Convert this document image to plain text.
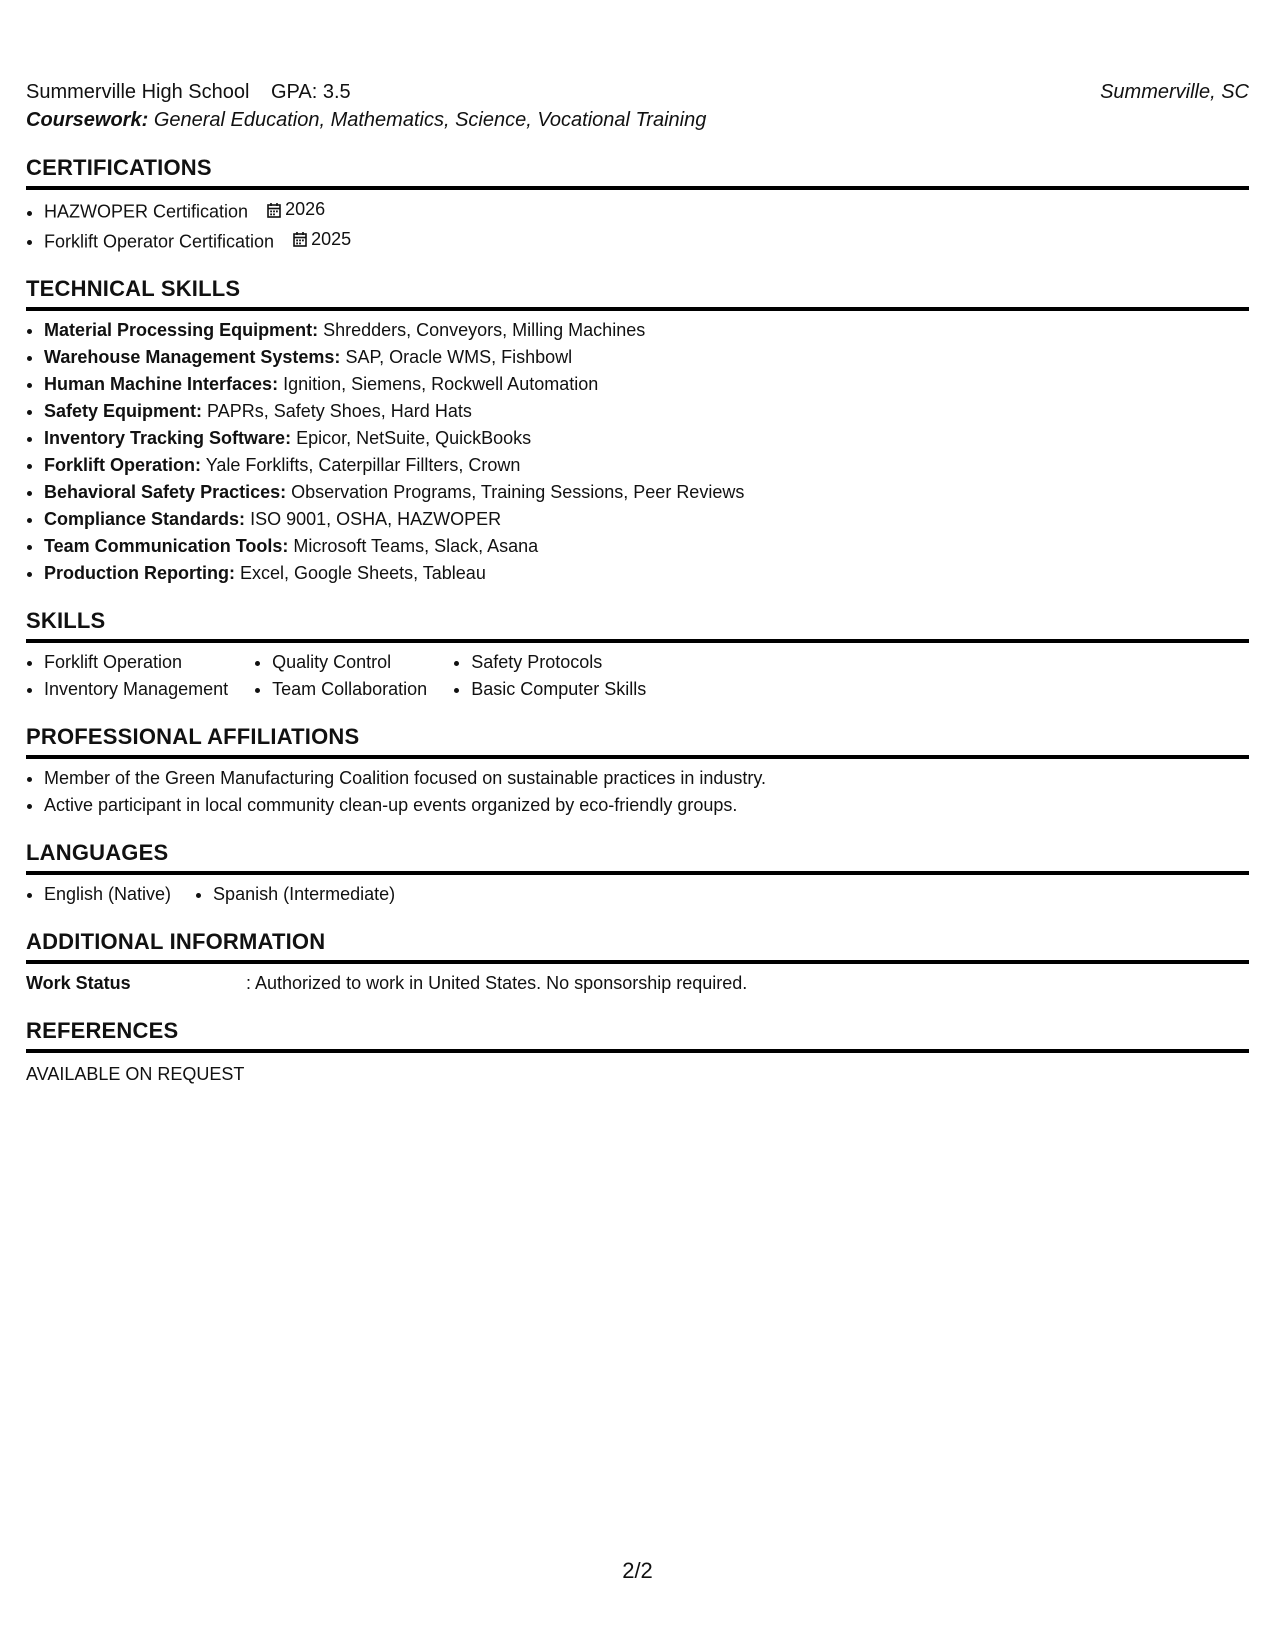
Summerville High School GPA: 3.5	Summerville, SC
Coursework: General Education, Mathematics, Science, Vocational Training
CERTIFICATIONS
• HAZWOPER Certification 2026
• Forklift Operator Certification 2025
TECHNICAL SKILLS
• Material Processing Equipment: Shredders, Conveyors, Milling Machines
• Warehouse Management Systems: SAP, Oracle WMS, Fishbowl
• Human Machine Interfaces: Ignition, Siemens, Rockwell Automation
• Safety Equipment: PAPRs, Safety Shoes, Hard Hats
• Inventory Tracking Software: Epicor, NetSuite, QuickBooks
• Forklift Operation: Yale Forklifts, Caterpillar Fillters, Crown
• Behavioral Safety Practices: Observation Programs, Training Sessions, Peer Reviews
• Compliance Standards: ISO 9001, OSHA, HAZWOPER
• Team Communication Tools: Microsoft Teams, Slack, Asana
• Production Reporting: Excel, Google Sheets, Tableau
SKILLS
• Forklift Operation
• Inventory Management
• Quality Control
• Team Collaboration
• Safety Protocols
• Basic Computer Skills
PROFESSIONAL AFFILIATIONS
• Member of the Green Manufacturing Coalition focused on sustainable practices in industry.
• Active participant in local community clean-up events organized by eco-friendly groups.
LANGUAGES
• English (Native)
• Spanish (Intermediate)
ADDITIONAL INFORMATION
Work Status	: Authorized to work in United States. No sponsorship required.
REFERENCES
AVAILABLE ON REQUEST
2/2
